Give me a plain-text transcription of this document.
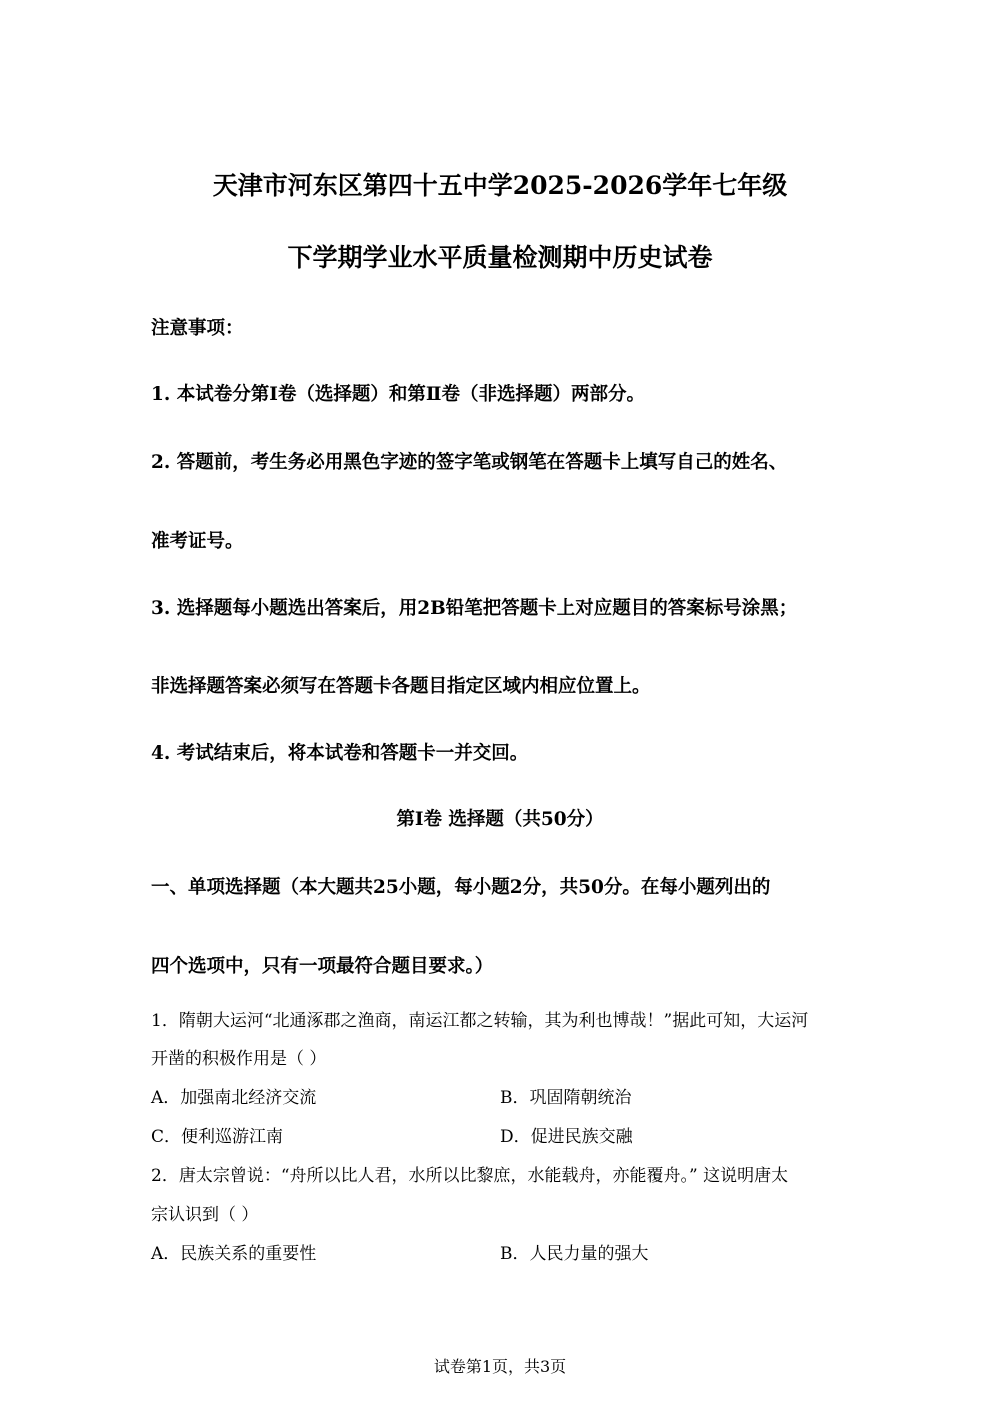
天津市河东区第四十五中学2025-2026学年七年级
下学期学业水平质量检测期中历史试卷
注意事项：
1. 本试卷分第Ⅰ卷（选择题）和第Ⅱ卷（非选择题）两部分。
2. 答题前，考生务必用黑色字迹的签字笔或钢笔在答题卡上填写自己的姓名、
准考证号。
3. 选择题每小题选出答案后，用2B铅笔把答题卡上对应题目的答案标号涂黑；
非选择题答案必须写在答题卡各题目指定区域内相应位置上。
4. 考试结束后，将本试卷和答题卡一并交回。
第Ⅰ卷 选择题（共50分）
一、单项选择题（本大题共25小题，每小题2分，共50分。在每小题列出的
四个选项中，只有一项最符合题目要求。）
1．隋朝大运河“北通涿郡之渔商，南运江都之转输，其为利也博哉！”据此可知，大运河
开凿的积极作用是（ ）
A．加强南北经济交流	B．巩固隋朝统治
C．便利巡游江南	D．促进民族交融
2．唐太宗曾说：“舟所以比人君，水所以比黎庶，水能载舟，亦能覆舟。” 这说明唐太
宗认识到（ ）
A．民族关系的重要性	B．人民力量的强大
试卷第1页，共3页
